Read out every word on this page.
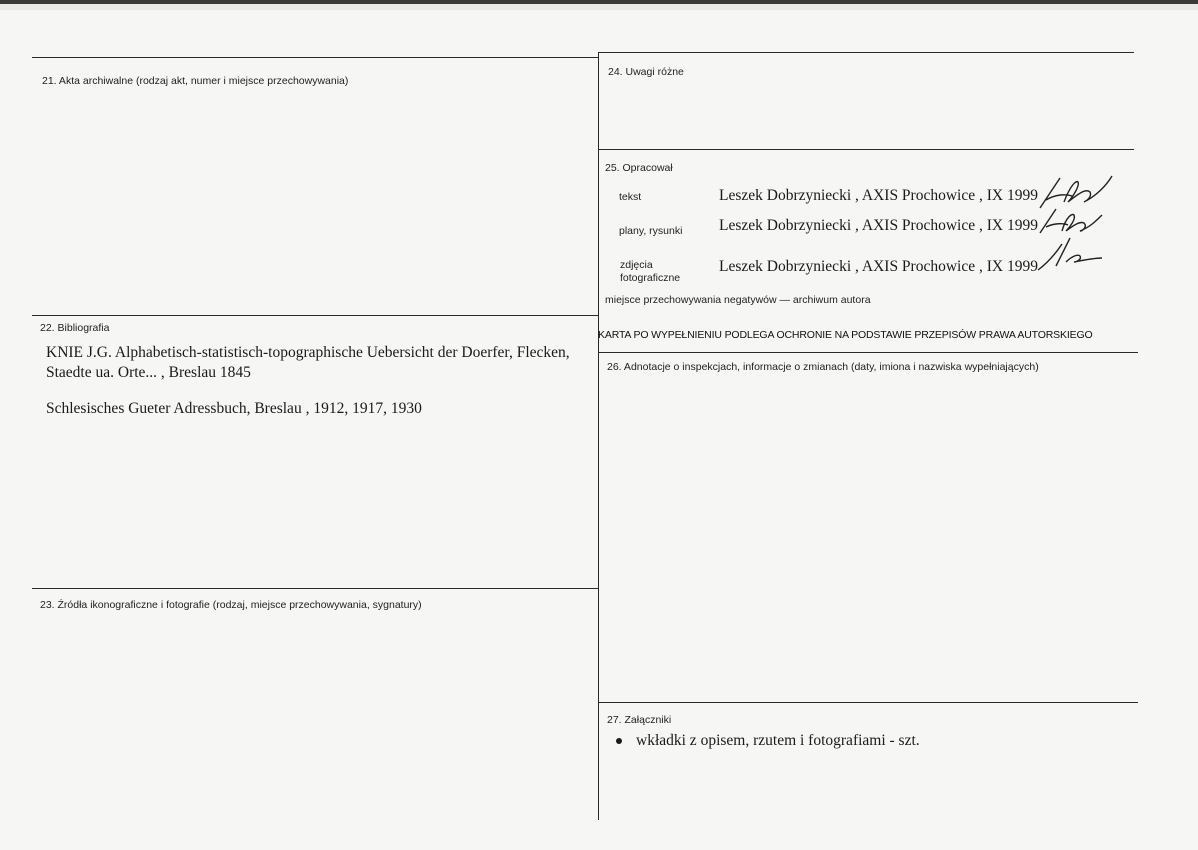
21. Akta archiwalne (rodzaj akt, numer i miejsce przechowywania)
22. Bibliografia
KNIE J.G. Alphabetisch-statistisch-topographische Uebersicht der Doerfer, Flecken, Staedte ua. Orte... , Breslau 1845
Schlesisches Gueter Adressbuch, Breslau , 1912, 1917, 1930
23. Źródła ikonograficzne i fotografie (rodzaj, miejsce przechowywania, sygnatury)
24. Uwagi różne
25. Opracował
tekst	Leszek Dobrzyniecki , AXIS Prochowice , IX 1999
plany, rysunki Leszek Dobrzyniecki , AXIS Prochowice , IX 1999
zdjęcia
fotograficzne
Leszek Dobrzyniecki , AXIS Prochowice , IX 1999
miejsce przechowywania negatywów — archiwum autora
KARTA PO WYPEŁNIENIU PODLEGA OCHRONIE NA PODSTAWIE PRZEPISÓW PRAWA AUTORSKIEGO
26. Adnotacje o inspekcjach, informacje o zmianach (daty, imiona i nazwiska wypełniających)
27. Załączniki
wkładki z opisem, rzutem i fotografiami - szt.
